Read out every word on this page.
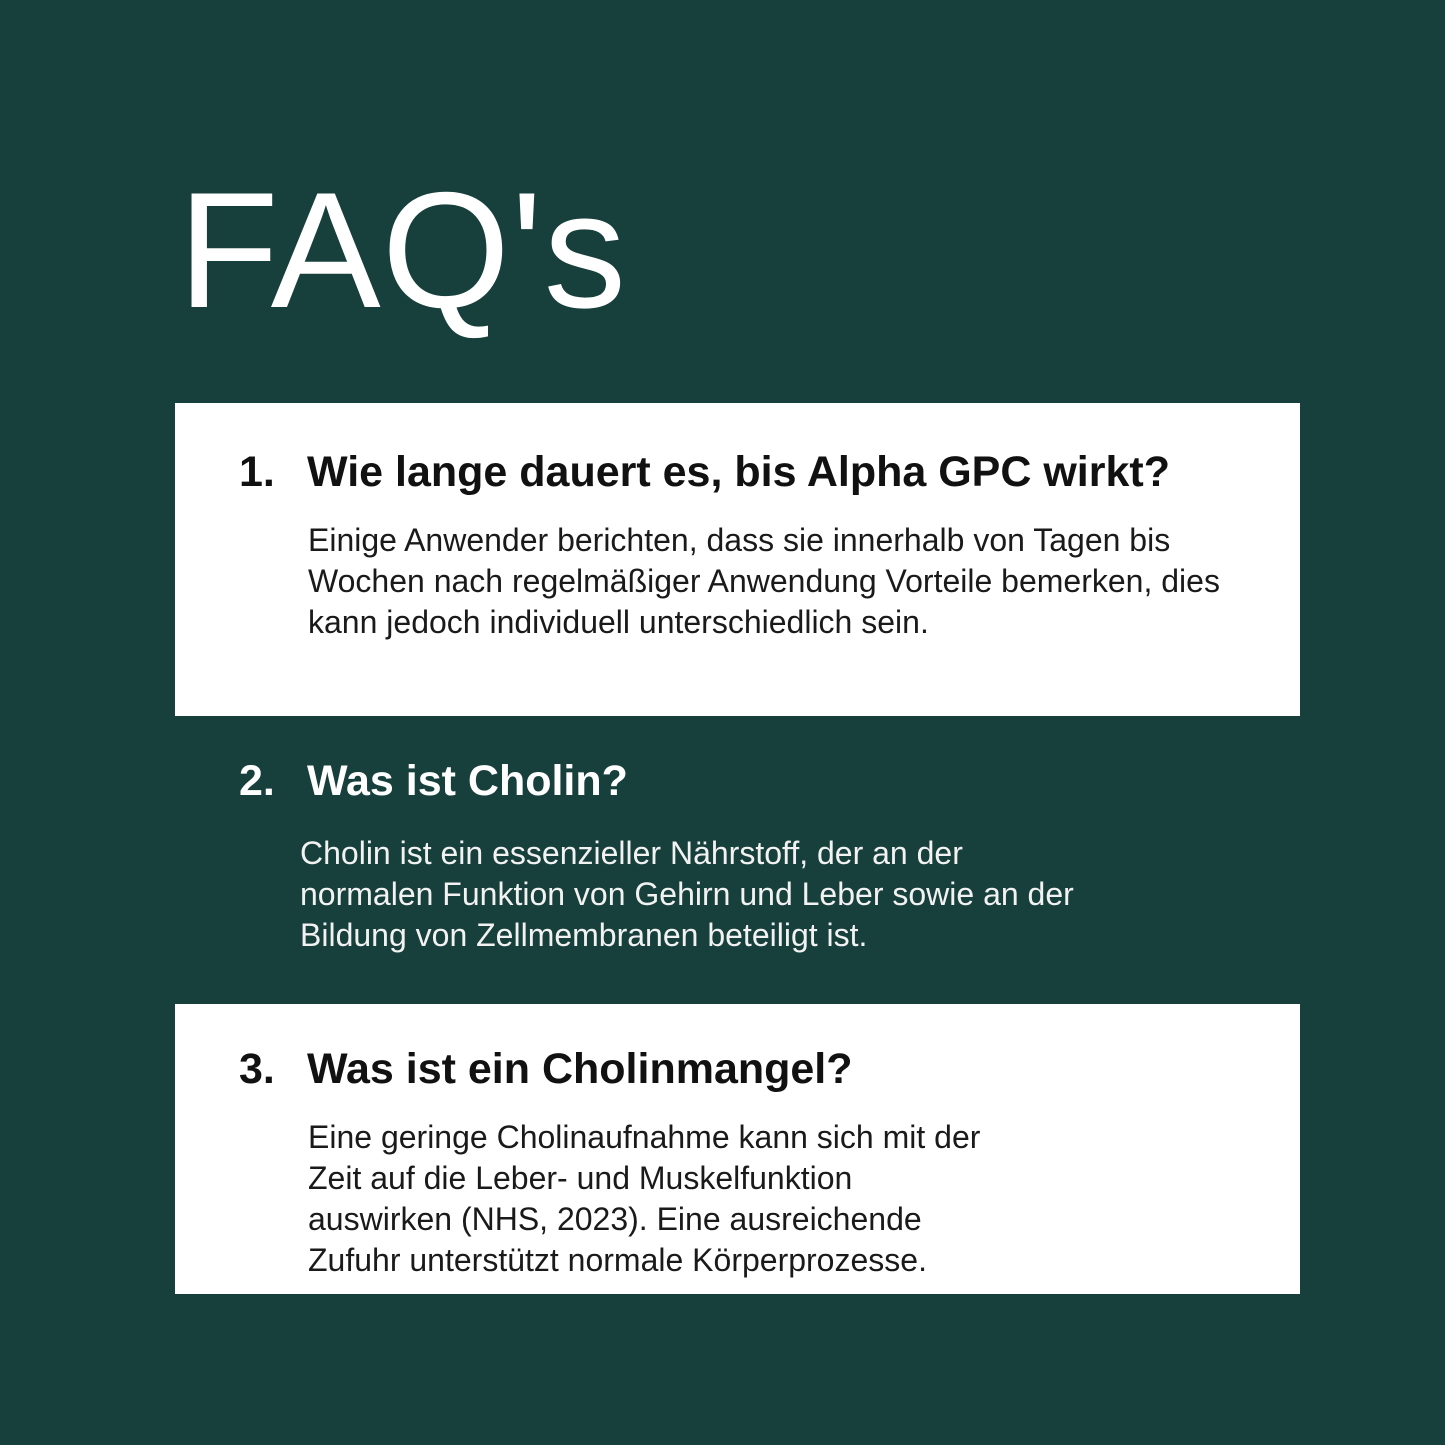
FAQ's
1. Wie lange dauert es, bis Alpha GPC wirkt?
Einige Anwender berichten, dass sie innerhalb von Tagen bis Wochen nach regelmäßiger Anwendung Vorteile bemerken, dies kann jedoch individuell unterschiedlich sein.
2. Was ist Cholin?
Cholin ist ein essenzieller Nährstoff, der an der normalen Funktion von Gehirn und Leber sowie an der Bildung von Zellmembranen beteiligt ist.
3. Was ist ein Cholinmangel?
Eine geringe Cholinaufnahme kann sich mit der Zeit auf die Leber- und Muskelfunktion auswirken (NHS, 2023). Eine ausreichende Zufuhr unterstützt normale Körperprozesse.
